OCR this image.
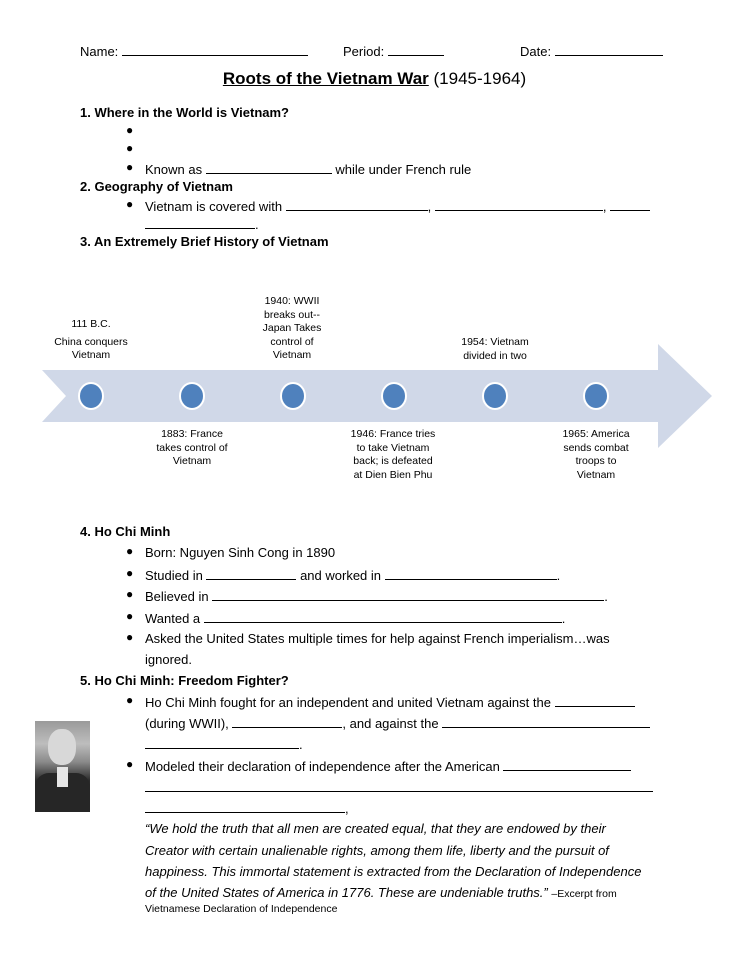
Name:	Period:	Date:
Roots of the Vietnam War (1945-1964)
1. Where in the World is Vietnam?
●
●
● Known as	while under French rule
2. Geography of Vietnam
● Vietnam is covered with	,	,
.
3. An Extremely Brief History of Vietnam
111 B.C.
China conquers Vietnam
1883: France takes control of Vietnam
1940: WWII breaks out--Japan Takes control of Vietnam
1946: France tries to take Vietnam back; is defeated at Dien Bien Phu
1954: Vietnam divided in two
1965: America sends combat troops to Vietnam
4. Ho Chi Minh
● Born: Nguyen Sinh Cong in 1890
● Studied in	and worked in	.
● Believed in	.
● Wanted a	.
● Asked the United States multiple times for help against French imperialism…was
ignored.
5. Ho Chi Minh: Freedom Fighter?
● Ho Chi Minh fought for an independent and united Vietnam against the
(during WWII),	, and against the
.
● Modeled their declaration of independence after the American
,
“We hold the truth that all men are created equal, that they are endowed by their
Creator with certain unalienable rights, among them life, liberty and the pursuit of
happiness. This immortal statement is extracted from the Declaration of Independence
of the United States of America in 1776. These are undeniable truths.” –Excerpt from
Vietnamese Declaration of Independence
